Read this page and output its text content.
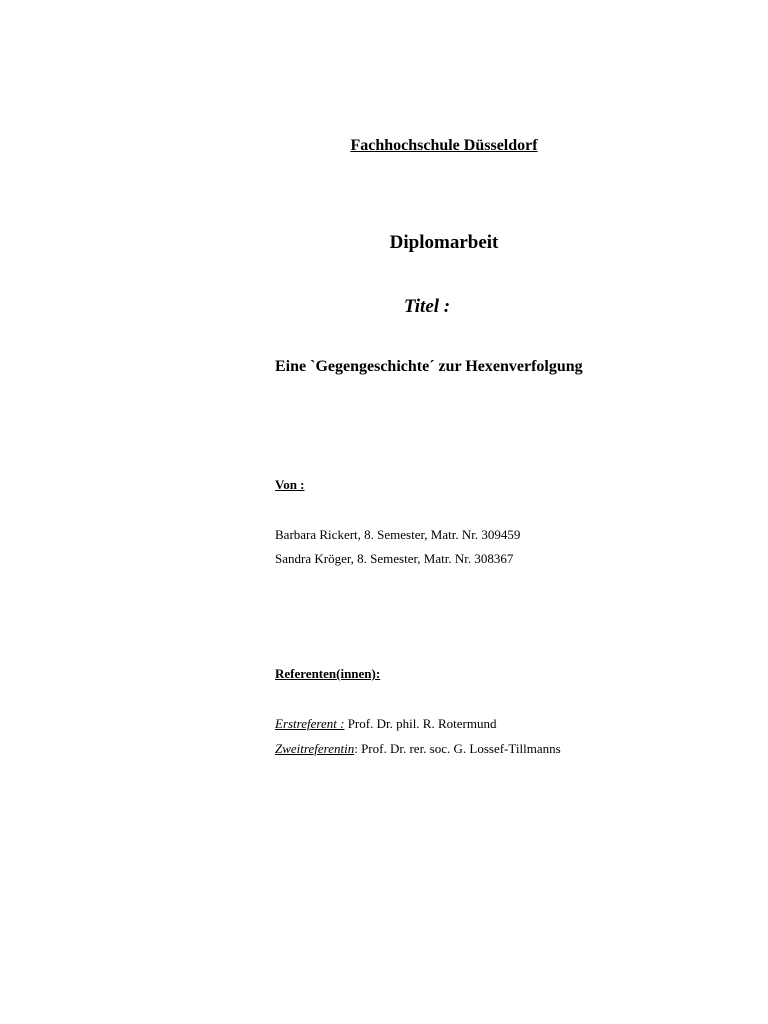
Fachhochschule Düsseldorf
Diplomarbeit
Titel :
Eine `Gegengeschichte´ zur Hexenverfolgung
Von :
Barbara Rickert, 8. Semester, Matr. Nr. 309459
Sandra Kröger, 8. Semester, Matr. Nr. 308367
Referenten(innen):
Erstreferent : Prof. Dr. phil. R. Rotermund
Zweitreferentin: Prof. Dr. rer. soc. G. Lossef-Tillmanns
